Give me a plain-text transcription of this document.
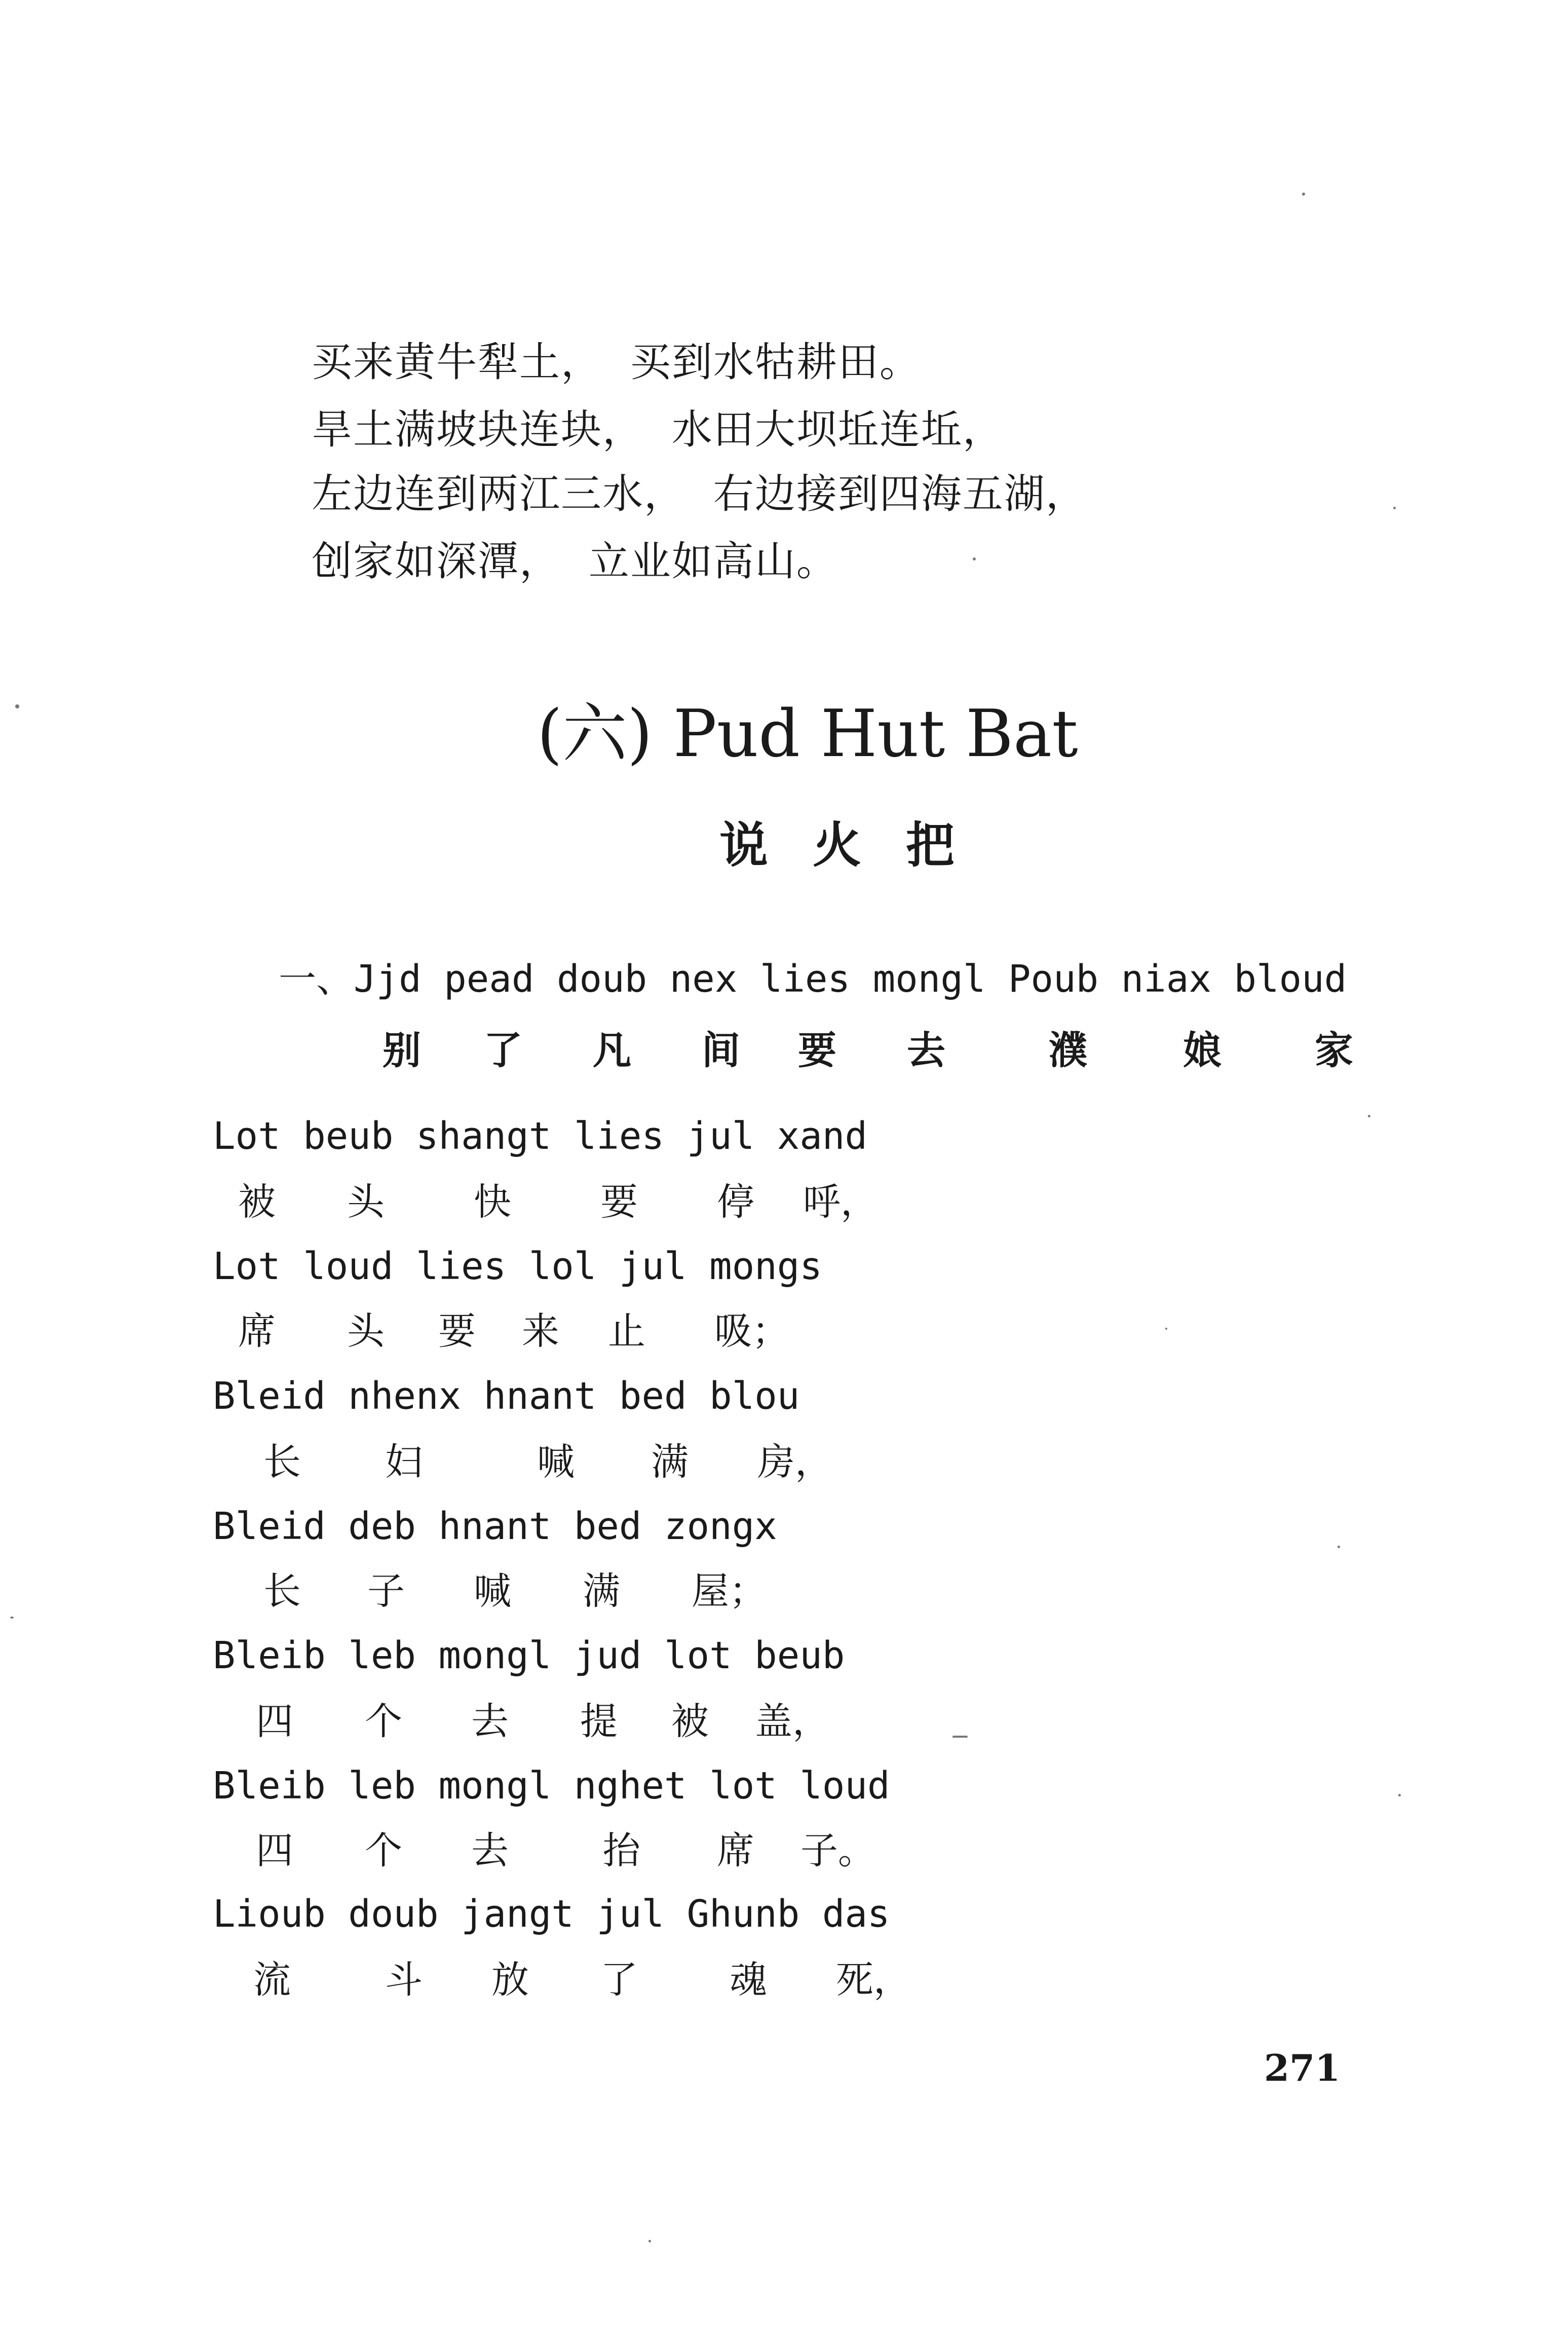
买来黄牛犁土，  买到水牯耕田。
旱土满坡块连块，  水田大坝坵连坵，
左边连到两江三水，  右边接到四海五湖，
创家如深潭，  立业如高山。
(六) Pud Hut Bat
说火把
一、Jjd pead doub nex lies mongl Poub niax bloud
别 了 凡 间 要 去	濮 娘 家
Lot beub shangt lies jul xand
被 头 快 要 停 呼，
Lot loud lies lol jul mongs
席 头 要 来 止 吸；
Bleid nhenx hnant bed blou
长 妇	喊 满 房，
Bleid deb hnant bed zongx
长 子 喊 满 屋；
Bleib leb mongl jud lot beub
四 个 去 提 被 盖，
Bleib leb mongl nghet lot loud
四 个 去	抬 席 子。
Lioub doub jangt jul Ghunb das
流	斗 放 了 魂 死，
271
